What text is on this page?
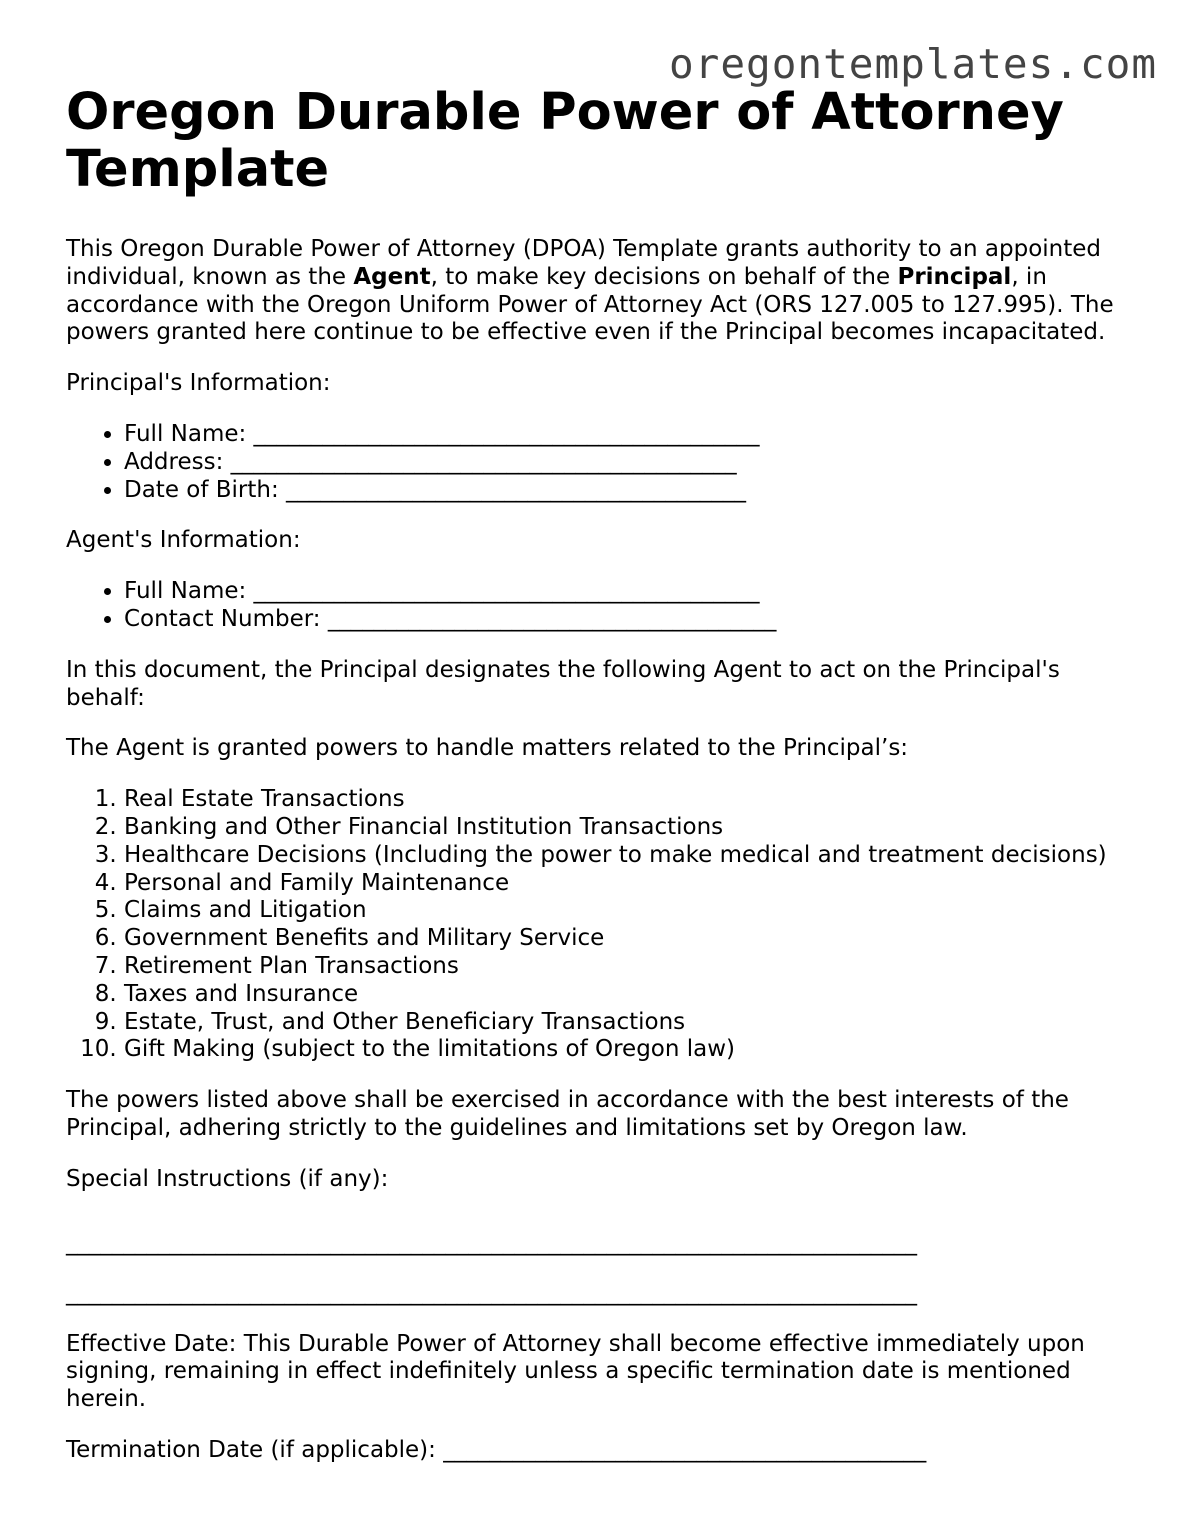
oregontemplates.com
Oregon Durable Power of Attorney Template

This Oregon Durable Power of Attorney (DPOA) Template grants authority to an appointed individual, known as the Agent, to make key decisions on behalf of the Principal, in accordance with the Oregon Uniform Power of Attorney Act (ORS 127.005 to 127.995). The powers granted here continue to be effective even if the Principal becomes incapacitated.

Principal's Information:

• Full Name: ____________________________________________
• Address: ____________________________________________
• Date of Birth: ________________________________________

Agent's Information:

• Full Name: ____________________________________________
• Contact Number: _______________________________________

In this document, the Principal designates the following Agent to act on the Principal's behalf:

The Agent is granted powers to handle matters related to the Principal’s:

1. Real Estate Transactions
2. Banking and Other Financial Institution Transactions
3. Healthcare Decisions (Including the power to make medical and treatment decisions)
4. Personal and Family Maintenance
5. Claims and Litigation
6. Government Benefits and Military Service
7. Retirement Plan Transactions
8. Taxes and Insurance
9. Estate, Trust, and Other Beneficiary Transactions
10. Gift Making (subject to the limitations of Oregon law)

The powers listed above shall be exercised in accordance with the best interests of the Principal, adhering strictly to the guidelines and limitations set by Oregon law.

Special Instructions (if any):

__________________________________________________________________________

__________________________________________________________________________

Effective Date: This Durable Power of Attorney shall become effective immediately upon signing, remaining in effect indefinitely unless a specific termination date is mentioned herein.

Termination Date (if applicable): __________________________________________
